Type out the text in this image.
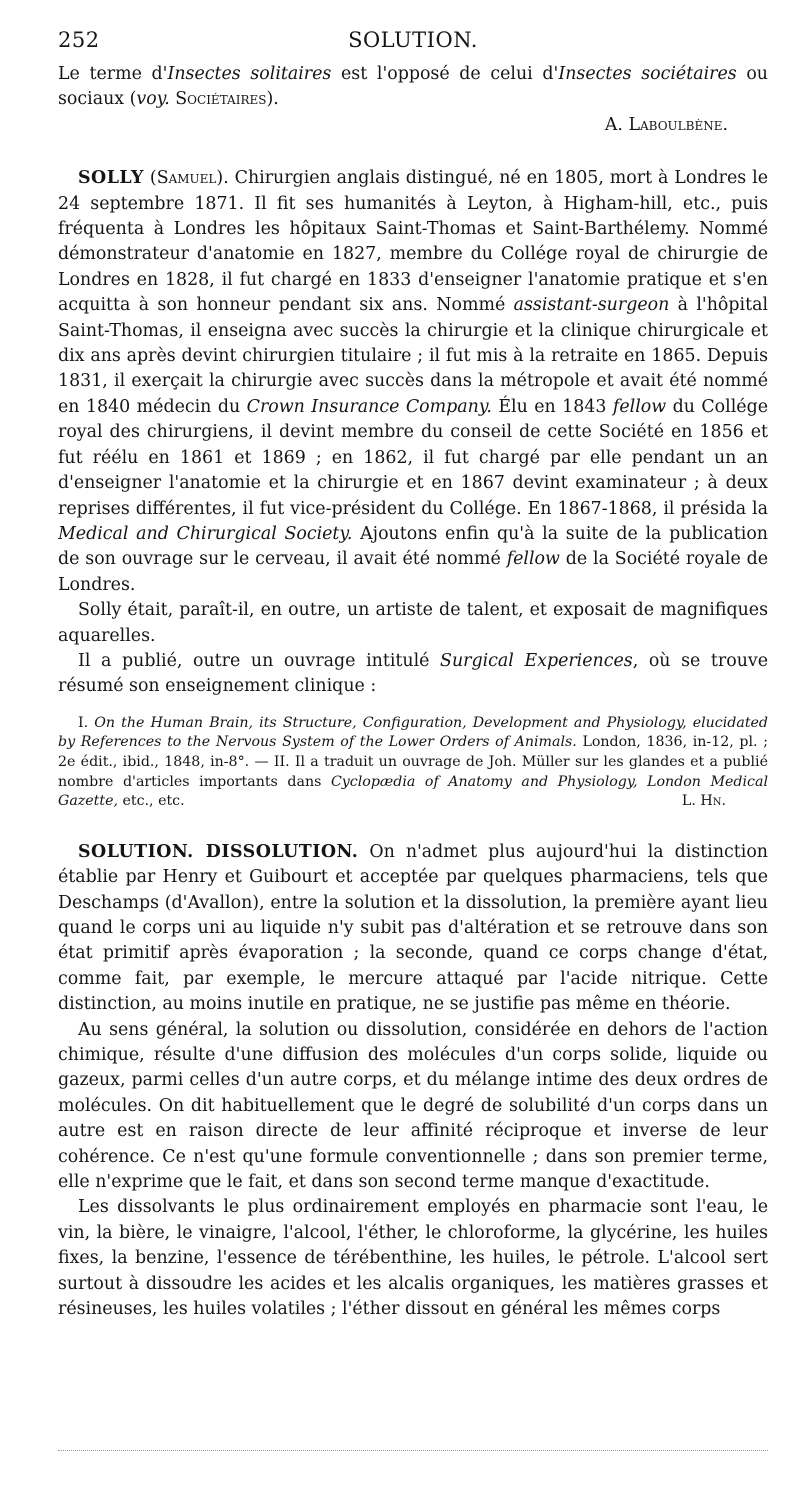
252	SOLUTION.

Le terme d'Insectes solitaires est l'opposé de celui d'Insectes sociétaires ou sociaux (voy. Sociétaires).

A. Laboulbène.

SOLLY (Samuel). Chirurgien anglais distingué, né en 1805, mort à Londres le 24 septembre 1871. Il fit ses humanités à Leyton, à Higham-hill, etc., puis fréquenta à Londres les hôpitaux Saint-Thomas et Saint-Barthélemy. Nommé démonstrateur d'anatomie en 1827, membre du Collége royal de chirurgie de Londres en 1828, il fut chargé en 1833 d'enseigner l'anatomie pratique et s'en acquitta à son honneur pendant six ans. Nommé assistant-surgeon à l'hôpital Saint-Thomas, il enseigna avec succès la chirurgie et la clinique chirurgicale et dix ans après devint chirurgien titulaire ; il fut mis à la retraite en 1865. Depuis 1831, il exerçait la chirurgie avec succès dans la métropole et avait été nommé en 1840 médecin du Crown Insurance Company. Élu en 1843 fellow du Collége royal des chirurgiens, il devint membre du conseil de cette Société en 1856 et fut réélu en 1861 et 1869 ; en 1862, il fut chargé par elle pendant un an d'enseigner l'anatomie et la chirurgie et en 1867 devint examinateur ; à deux reprises différentes, il fut vice-président du Collége. En 1867-1868, il présida la Medical and Chirurgical Society. Ajoutons enfin qu'à la suite de la publication de son ouvrage sur le cerveau, il avait été nommé fellow de la Société royale de Londres.

Solly était, paraît-il, en outre, un artiste de talent, et exposait de magnifiques aquarelles.

Il a publié, outre un ouvrage intitulé Surgical Experiences, où se trouve résumé son enseignement clinique :

I. On the Human Brain, its Structure, Configuration, Development and Physiology, elucidated by References to the Nervous System of the Lower Orders of Animals. London, 1836, in-12, pl. ; 2e édit., ibid., 1848, in-8°. — II. Il a traduit un ouvrage de Joh. Müller sur les glandes et a publié nombre d'articles importants dans Cyclopædia of Anatomy and Physiology, London Medical Gazette, etc., etc.	L. Hn.

SOLUTION. DISSOLUTION. On n'admet plus aujourd'hui la distinction établie par Henry et Guibourt et acceptée par quelques pharmaciens, tels que Deschamps (d'Avallon), entre la solution et la dissolution, la première ayant lieu quand le corps uni au liquide n'y subit pas d'altération et se retrouve dans son état primitif après évaporation ; la seconde, quand ce corps change d'état, comme fait, par exemple, le mercure attaqué par l'acide nitrique. Cette distinction, au moins inutile en pratique, ne se justifie pas même en théorie.

Au sens général, la solution ou dissolution, considérée en dehors de l'action chimique, résulte d'une diffusion des molécules d'un corps solide, liquide ou gazeux, parmi celles d'un autre corps, et du mélange intime des deux ordres de molécules. On dit habituellement que le degré de solubilité d'un corps dans un autre est en raison directe de leur affinité réciproque et inverse de leur cohérence. Ce n'est qu'une formule conventionnelle ; dans son premier terme, elle n'exprime que le fait, et dans son second terme manque d'exactitude.

Les dissolvants le plus ordinairement employés en pharmacie sont l'eau, le vin, la bière, le vinaigre, l'alcool, l'éther, le chloroforme, la glycérine, les huiles fixes, la benzine, l'essence de térébenthine, les huiles, le pétrole. L'alcool sert surtout à dissoudre les acides et les alcalis organiques, les matières grasses et résineuses, les huiles volatiles ; l'éther dissout en général les mêmes corps
